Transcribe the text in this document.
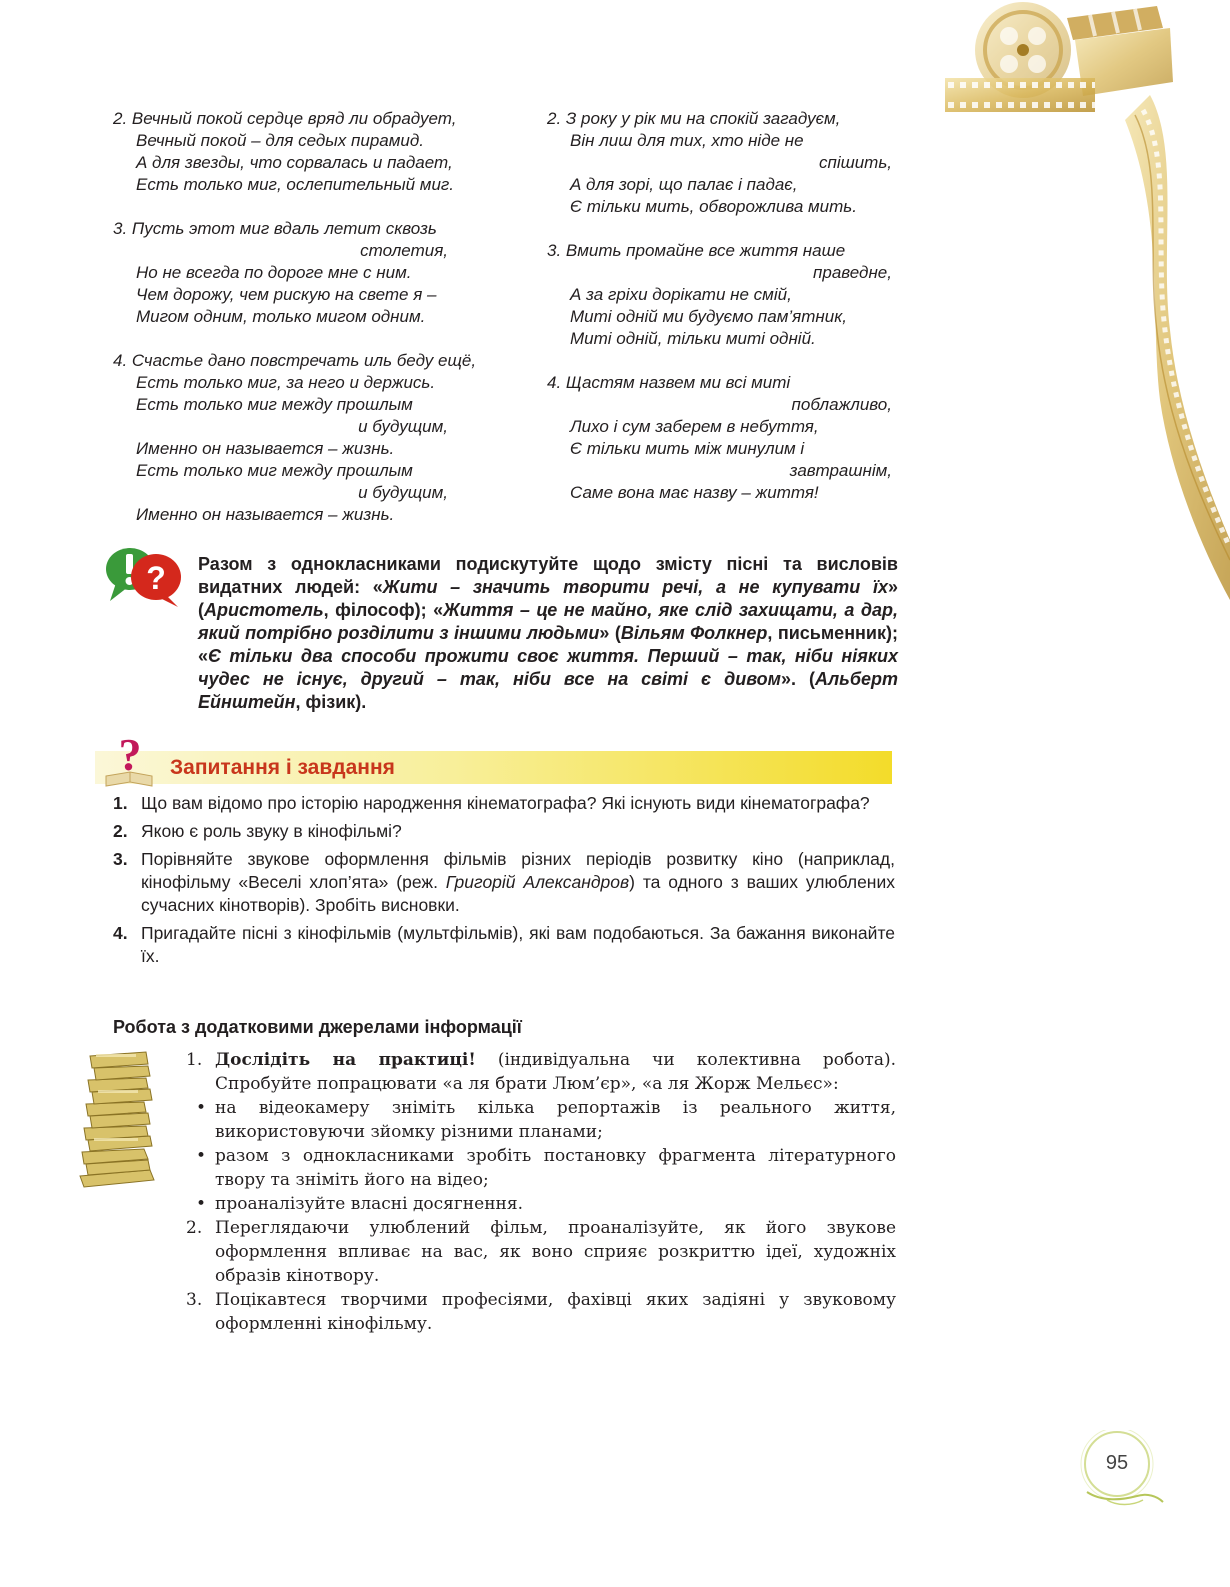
2. Вечный покой сердце вряд ли обрадует,
Вечный покой – для седых пирамид.
А для звезды, что сорвалась и падает,
Есть только миг, ослепительный миг.
3. Пусть этот миг вдаль летит сквозь
столетия,
Но не всегда по дороге мне с ним.
Чем дорожу, чем рискую на свете я –
Мигом одним, только мигом одним.
4. Счастье дано повстречать иль беду ещё,
Есть только миг, за него и держись.
Есть только миг между прошлым
и будущим,
Именно он называется – жизнь.
Есть только миг между прошлым
и будущим,
Именно он называется – жизнь.
2. З року у рік ми на спокій загадуєм,
Він лиш для тих, хто ніде не
спішить,
А для зорі, що палає і падає,
Є тільки мить, обворожлива мить.
3. Вмить промайне все життя наше
праведне,
А за гріхи дорікати не смій,
Миті одній ми будуємо пам’ятник,
Миті одній, тільки миті одній.
4. Щастям назвем ми всі миті
поблажливо,
Лихо і сум заберем в небуття,
Є тільки мить між минулим і
завтрашнім,
Саме вона має назву – життя!
? Разом з однокласниками подискутуйте щодо змісту пісні та висловів видатних людей: «Жити – значить творити речі, а не купувати їх» (Аристотель, філософ); «Життя – це не майно, яке слід захищати, а дар, який потрібно розділити з іншими людьми» (Вільям Фолкнер, письменник); «Є тільки два способи прожити своє життя. Перший – так, ніби ніяких чудес не існує, другий – так, ніби все на світі є дивом». (Альберт Ейнштейн, фізик).
? Запитання і завдання
1. Що вам відомо про історію народження кінематографа? Які існують види кінематографа?
2. Якою є роль звуку в кінофільмі?
3. Порівняйте звукове оформлення фільмів різних періодів розвитку кіно (наприклад, кінофільму «Веселі хлоп’ята» (реж. Григорій Александров) та одного з ваших улюблених сучасних кінотворів). Зробіть висновки.
4. Пригадайте пісні з кінофільмів (мультфільмів), які вам подобаються. За бажання виконайте їх.
Робота з додатковими джерелами інформації
1. Дослідіть на практиці! (індивідуальна чи колективна робота). Спробуйте попрацювати «а ля брати Люм’єр», «а ля Жорж Мельєс»:
• на відеокамеру зніміть кілька репортажів із реального життя, використовуючи зйомку різними планами;
• разом з однокласниками зробіть постановку фрагмента літературного твору та зніміть його на відео;
• проаналізуйте власні досягнення.
2. Переглядаючи улюблений фільм, проаналізуйте, як його звукове оформлення впливає на вас, як воно сприяє розкриттю ідеї, художніх образів кінотвору.
3. Поцікавтеся творчими професіями, фахівці яких задіяні у звуковому оформленні кінофільму.
95
